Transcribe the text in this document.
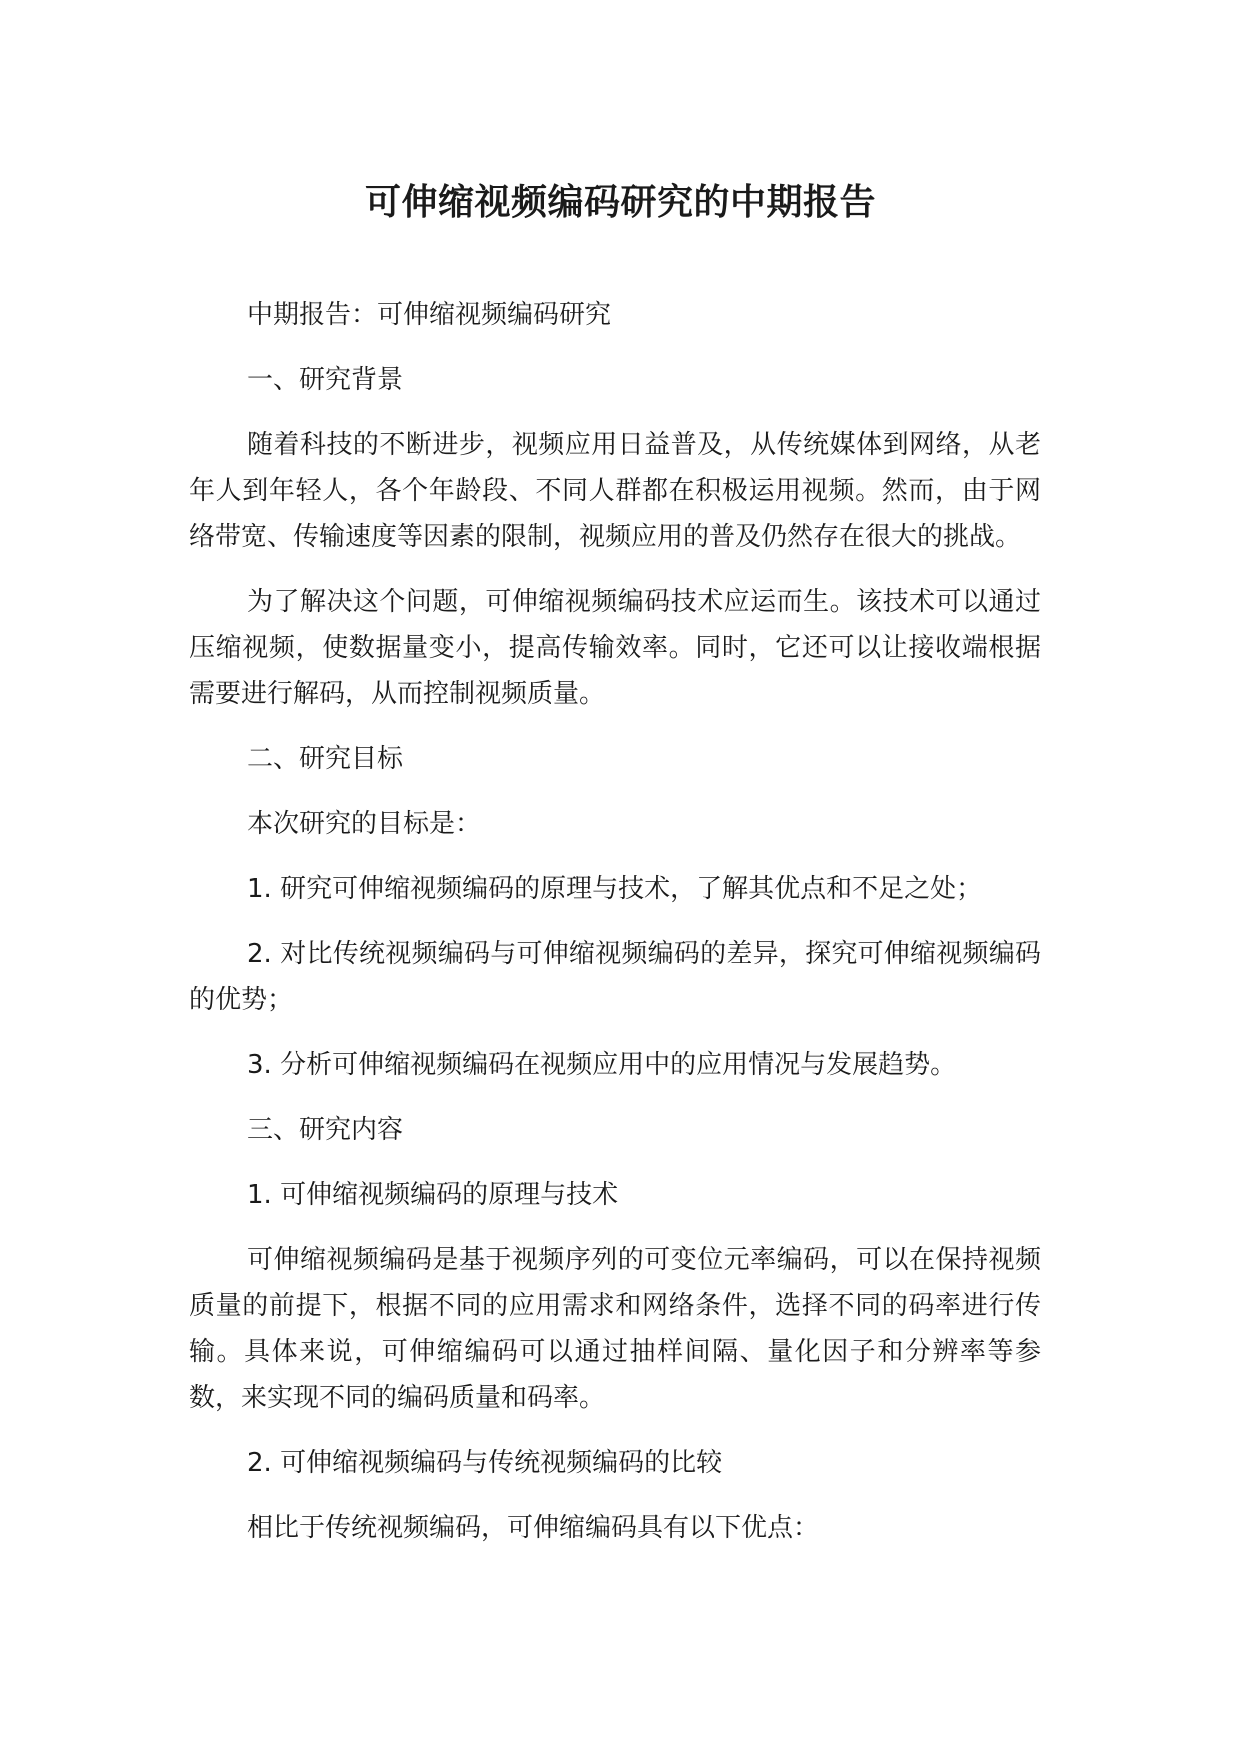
可伸缩视频编码研究的中期报告

中期报告：可伸缩视频编码研究

一、研究背景

随着科技的不断进步，视频应用日益普及，从传统媒体到网络，从老年人到年轻人，各个年龄段、不同人群都在积极运用视频。然而，由于网络带宽、传输速度等因素的限制，视频应用的普及仍然存在很大的挑战。

为了解决这个问题，可伸缩视频编码技术应运而生。该技术可以通过压缩视频，使数据量变小，提高传输效率。同时，它还可以让接收端根据需要进行解码，从而控制视频质量。

二、研究目标

本次研究的目标是：

1. 研究可伸缩视频编码的原理与技术，了解其优点和不足之处；

2. 对比传统视频编码与可伸缩视频编码的差异，探究可伸缩视频编码的优势；

3. 分析可伸缩视频编码在视频应用中的应用情况与发展趋势。

三、研究内容

1. 可伸缩视频编码的原理与技术

可伸缩视频编码是基于视频序列的可变位元率编码，可以在保持视频质量的前提下，根据不同的应用需求和网络条件，选择不同的码率进行传输。具体来说，可伸缩编码可以通过抽样间隔、量化因子和分辨率等参数，来实现不同的编码质量和码率。

2. 可伸缩视频编码与传统视频编码的比较

相比于传统视频编码，可伸缩编码具有以下优点：
